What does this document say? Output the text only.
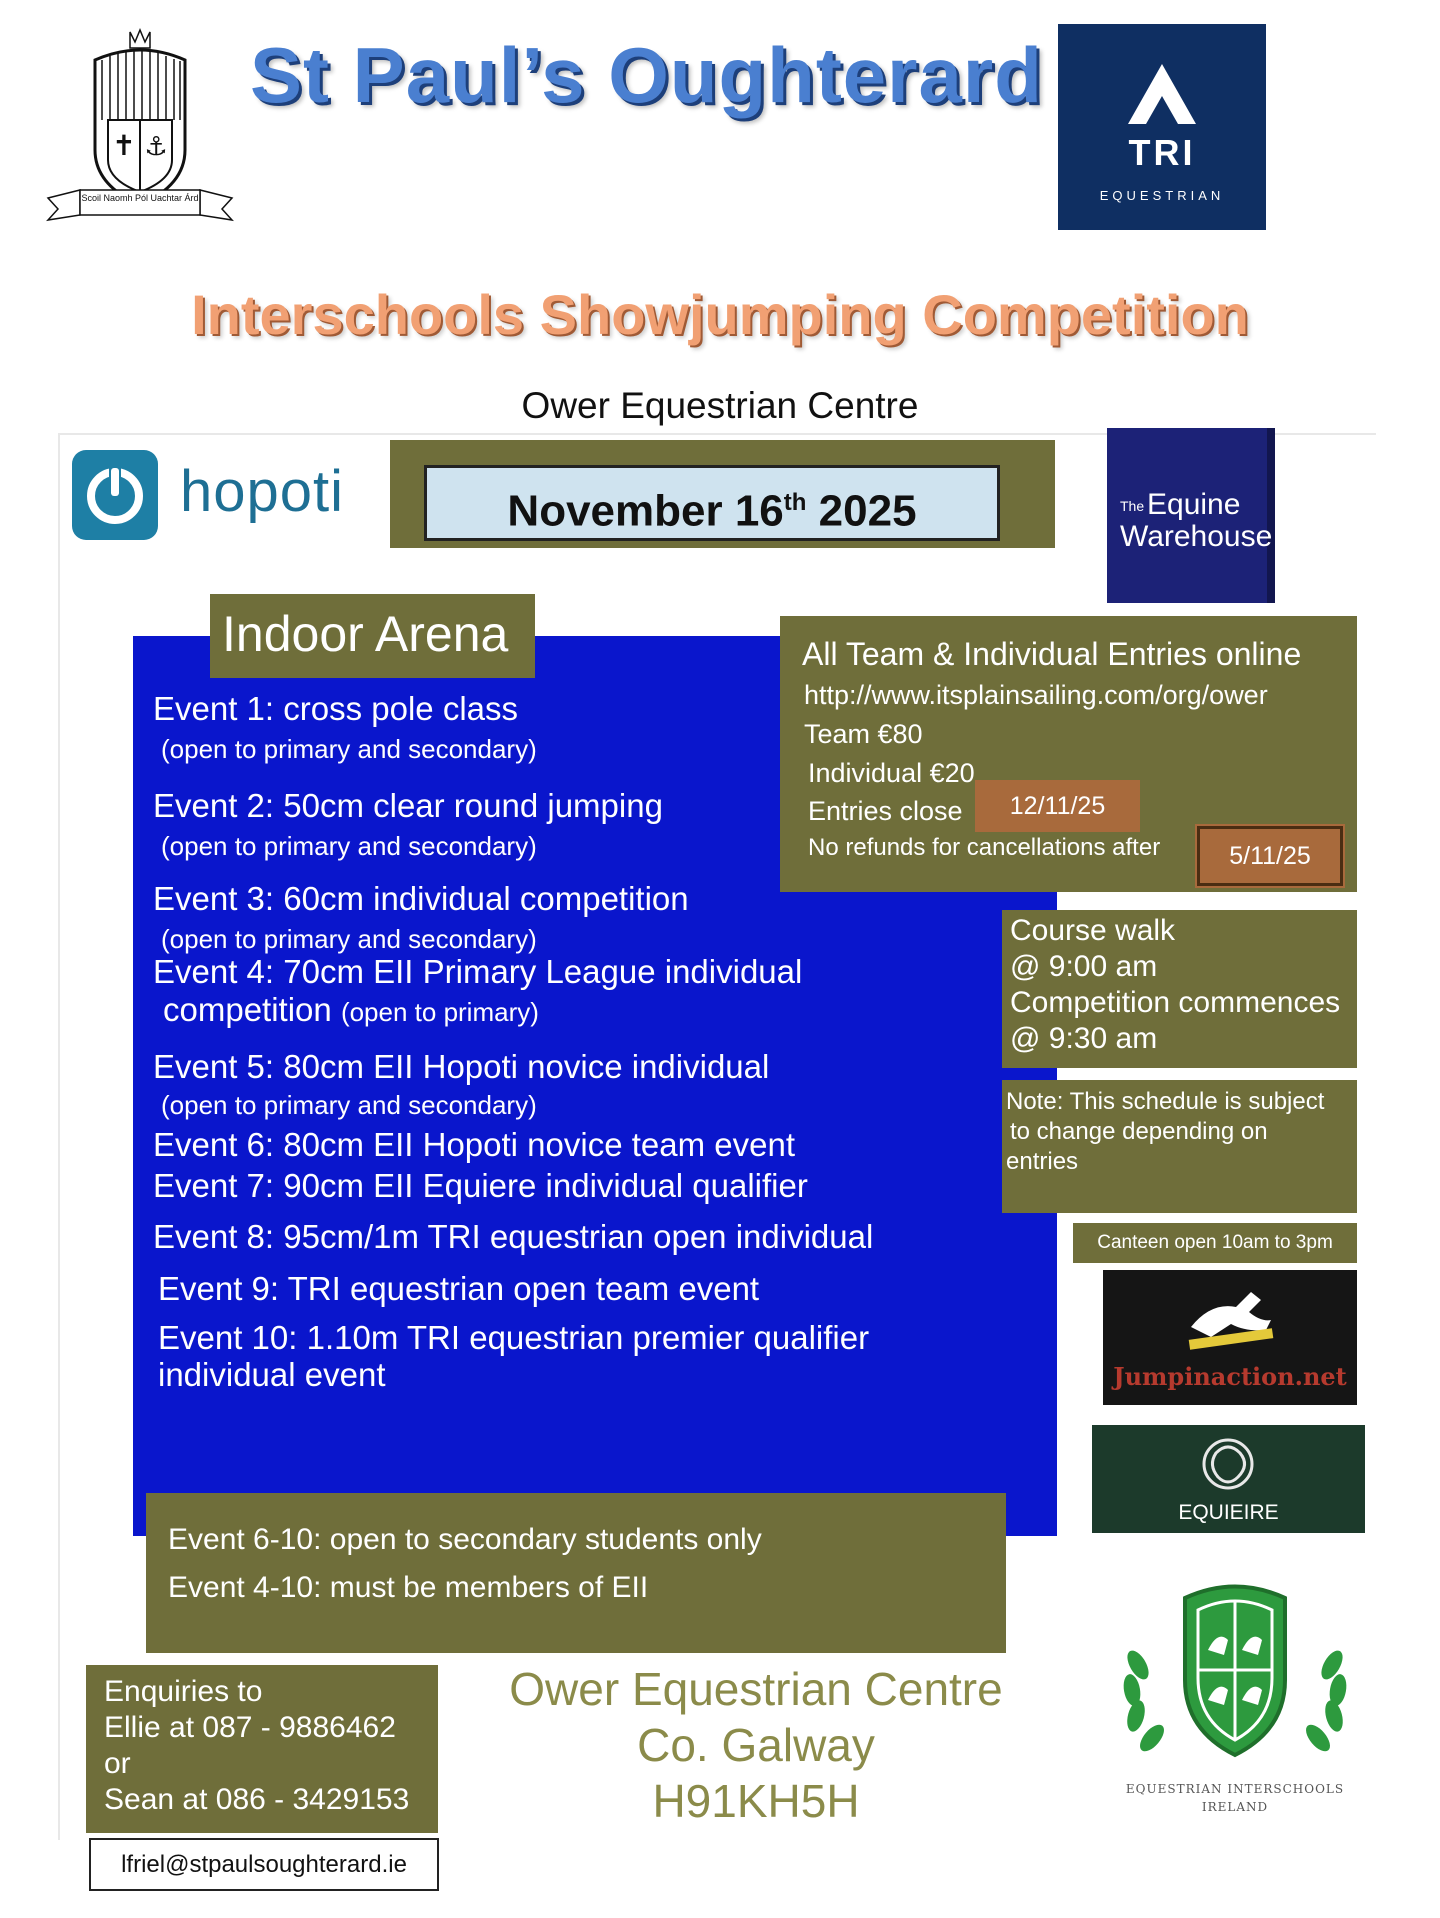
✝ ⚓
Scoil Naomh Pól Uachtar Árd
St Paul’s Oughterard
TRI
EQUESTRIAN
Interschools Showjumping Competition
Ower Equestrian Centre
hopoti	November 16th 2025	The Equine
Warehouse
Indoor Arena
Event 1: cross pole class
(open to primary and secondary)
Event 2: 50cm clear round jumping
(open to primary and secondary)
Event 3: 60cm individual competition
(open to primary and secondary)
Event 4: 70cm EII Primary League individual
competition (open to primary)
Event 5: 80cm EII Hopoti novice individual
(open to primary and secondary)
Event 6: 80cm EII Hopoti novice team event
Event 7: 90cm EII Equiere individual qualifier
Event 8: 95cm/1m TRI equestrian open individual
Event 9: TRI equestrian open team event
Event 10: 1.10m TRI equestrian premier qualifier
individual event
All Team & Individual Entries online
http://www.itsplainsailing.com/org/ower
Team €80
Individual €20
Entries close
No refunds for cancellations after
12/11/25
5/11/25
Course walk
@ 9:00 am
Competition commences
@ 9:30 am
Note: This schedule is subject
to change depending on
entries
Canteen open 10am to 3pm
Jumpinaction.net
EQUIEIRE
Event 6-10: open to secondary students only
Event 4-10: must be members of EII
Enquiries to
Ellie at 087 - 9886462
or
Sean at 086 - 3429153
lfriel@stpaulsoughterard.ie
Ower Equestrian Centre
Co. Galway
H91KH5H	EQUESTRIAN INTERSCHOOLS
IRELAND
